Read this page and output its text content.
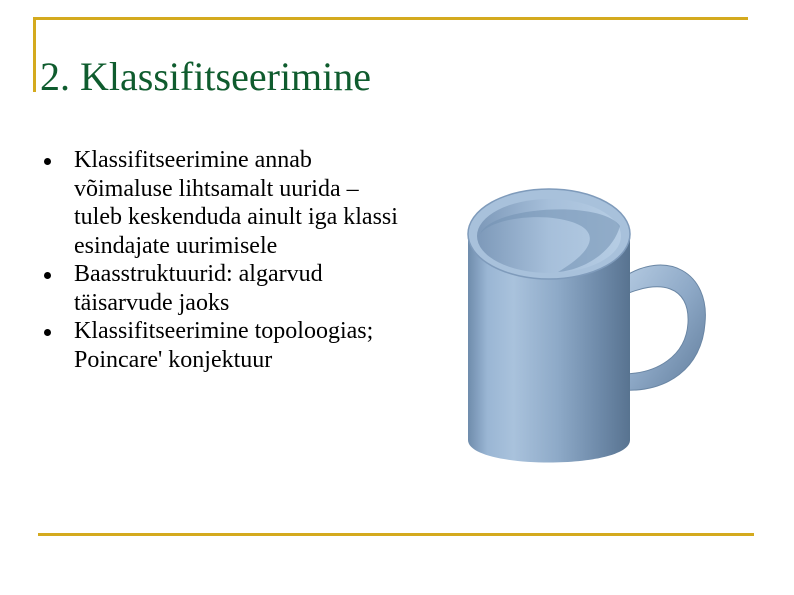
2. Klassifitseerimine
Klassifitseerimine annab võimaluse lihtsamalt uurida – tuleb keskenduda ainult iga klassi esindajate uurimisele
Baasstruktuurid: algarvud täisarvude jaoks
Klassifitseerimine topoloogias; Poincare' konjektuur
